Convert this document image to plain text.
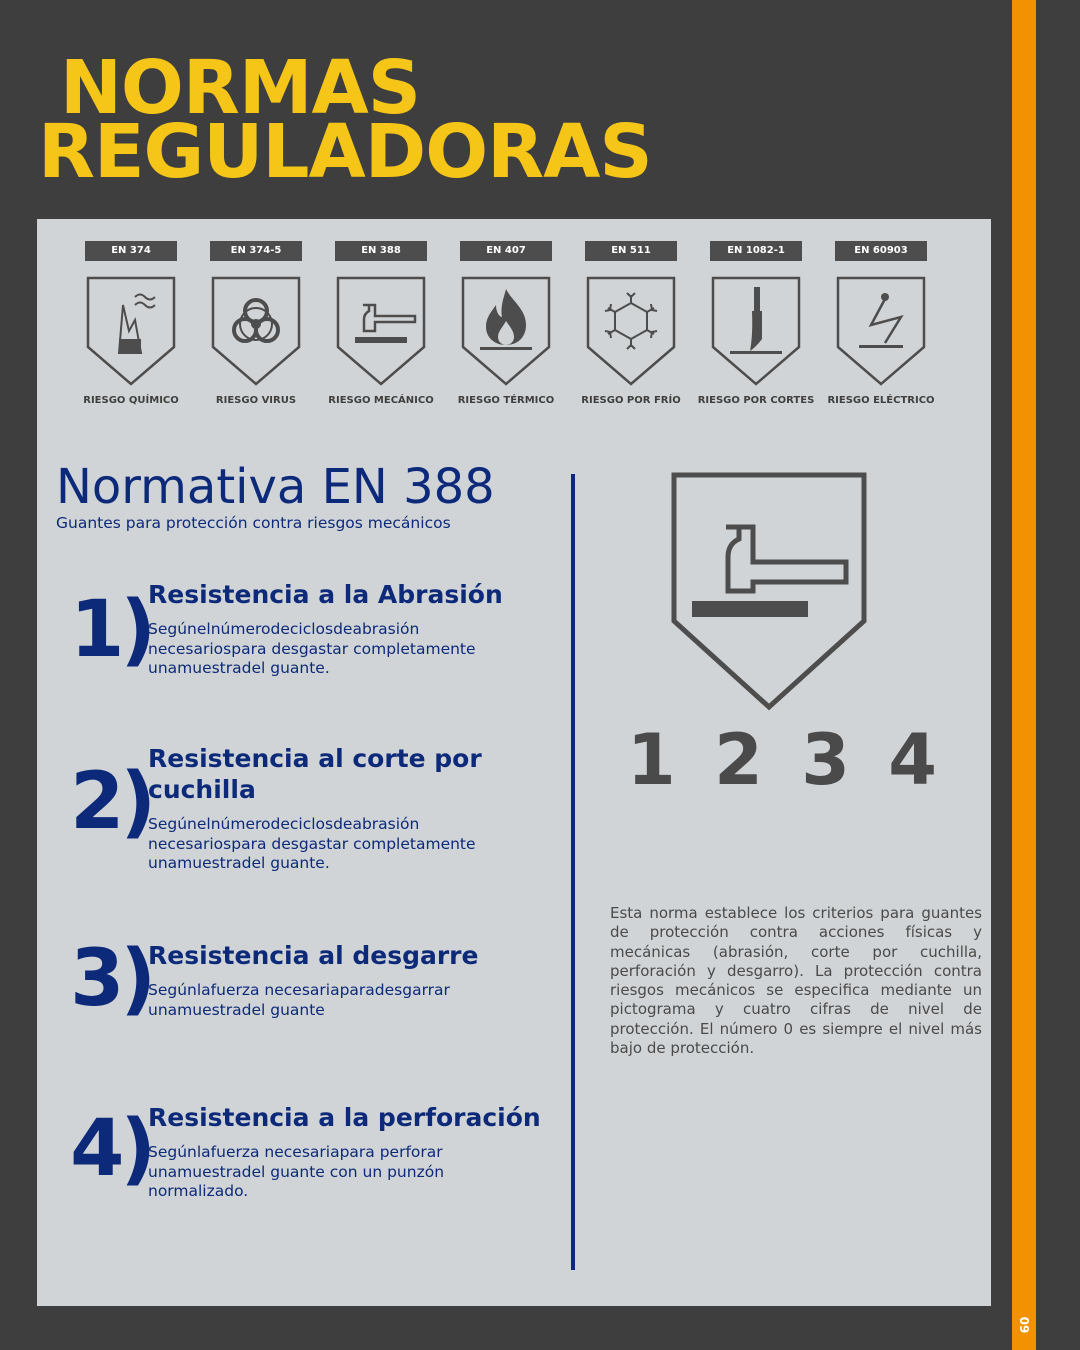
09
NORMAS
REGULADORAS
EN 374
RIESGO QUÍMICO
EN 374-5
RIESGO VIRUS
EN 388
RIESGO MECÁNICO
EN 407
RIESGO TÉRMICO
EN 511
RIESGO POR FRÍO
EN 1082-1
RIESGO POR CORTES
EN 60903
RIESGO ELÉCTRICO
Normativa EN 388
Guantes para protección contra riesgos mecánicos
1)
Resistencia a la Abrasión

Segúnelnúmerodeciclosdeabrasión necesariospara desgastar completamente unamuestradel guante.

2)
Resistencia al corte por cuchilla

Segúnelnúmerodeciclosdeabrasión necesariospara desgastar completamente unamuestradel guante.

3)
Resistencia al desgarre

Segúnlafuerza necesariaparadesgarrar unamuestradel guante

4)
Resistencia a la perforación

Segúnlafuerza necesariapara perforar unamuestradel guante con un punzón normalizado.

1 2 3 4

Esta norma establece los criterios para guantes de protección contra acciones físicas y mecánicas (abrasión, corte por cuchilla, perforación y desgarro). La protección contra riesgos mecánicos se especifica mediante un pictograma y cuatro cifras de nivel de protección. El número 0 es siempre el nivel más bajo de protección.
